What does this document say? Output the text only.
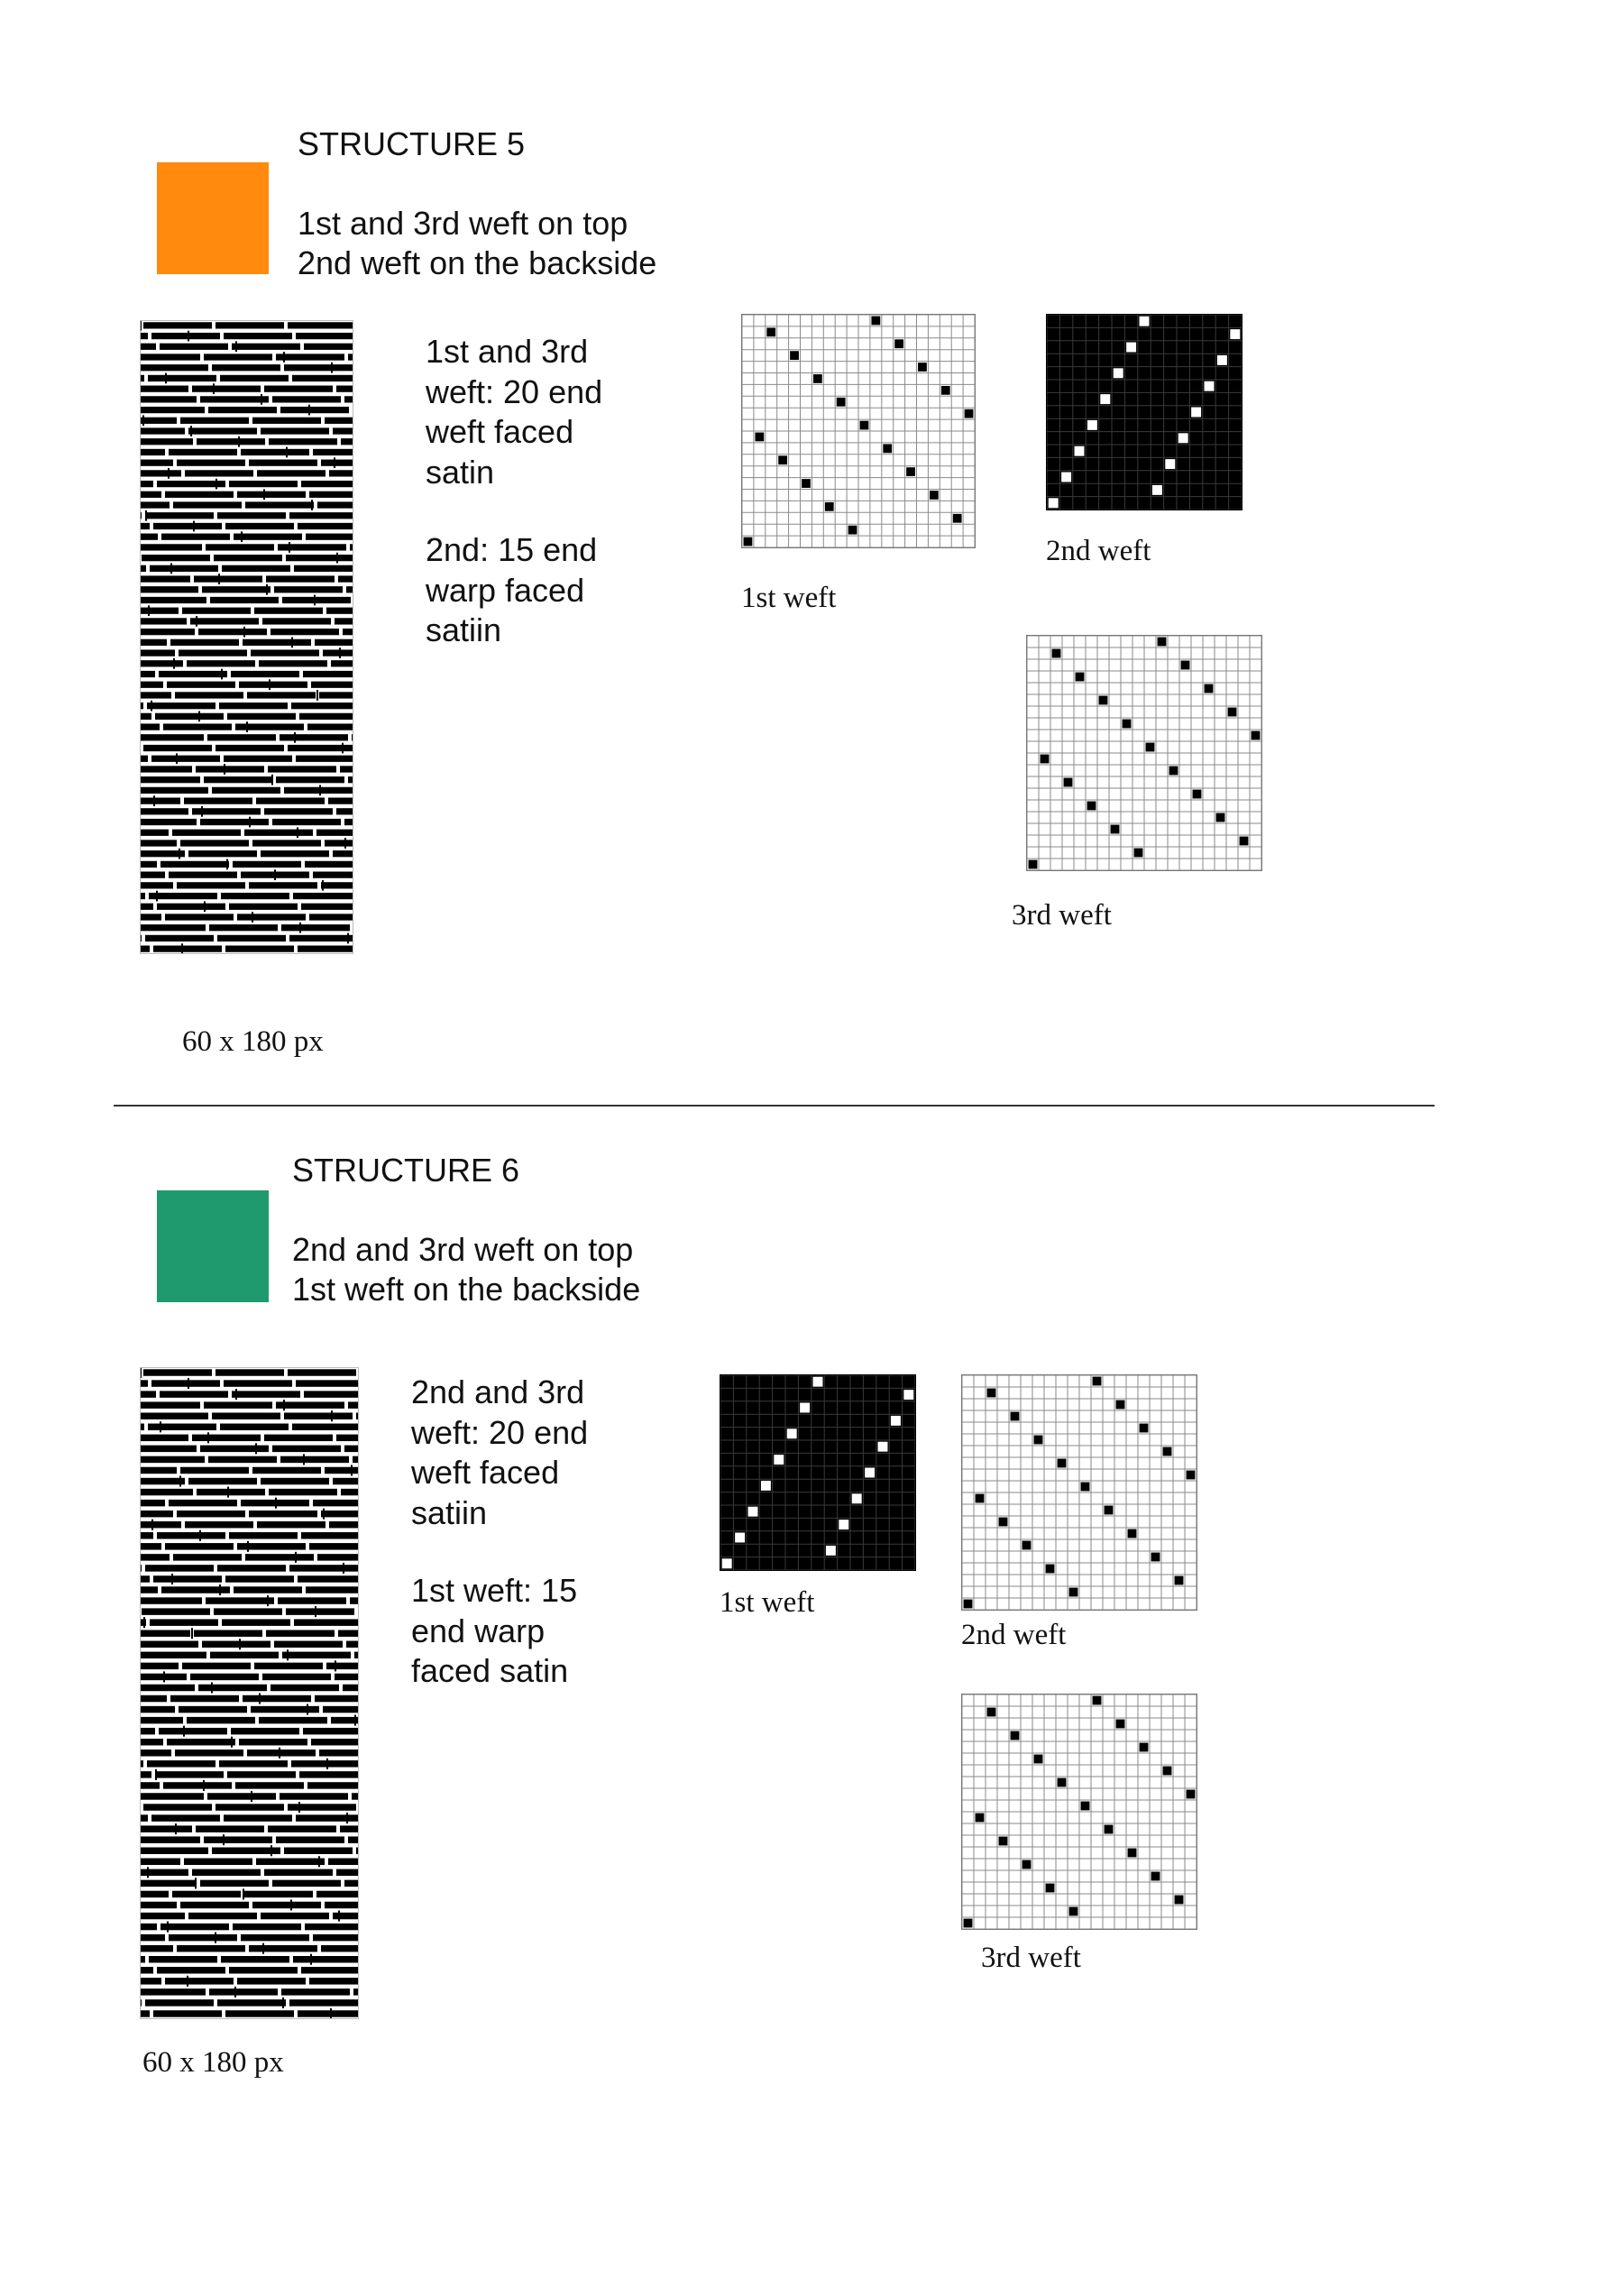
STRUCTURE 5
1st and 3rd weft on top
2nd weft on the backside
1st and 3rd
weft: 20 end
weft faced
satin
2nd: 15 end
warp faced
satiin
1st weft
2nd weft
3rd weft
60 x 180 px
STRUCTURE 6
2nd and 3rd weft on top
1st weft on the backside
2nd and 3rd
weft: 20 end
weft faced
satiin
1st weft: 15
end warp
faced satin
1st weft
2nd weft
3rd weft
60 x 180 px
